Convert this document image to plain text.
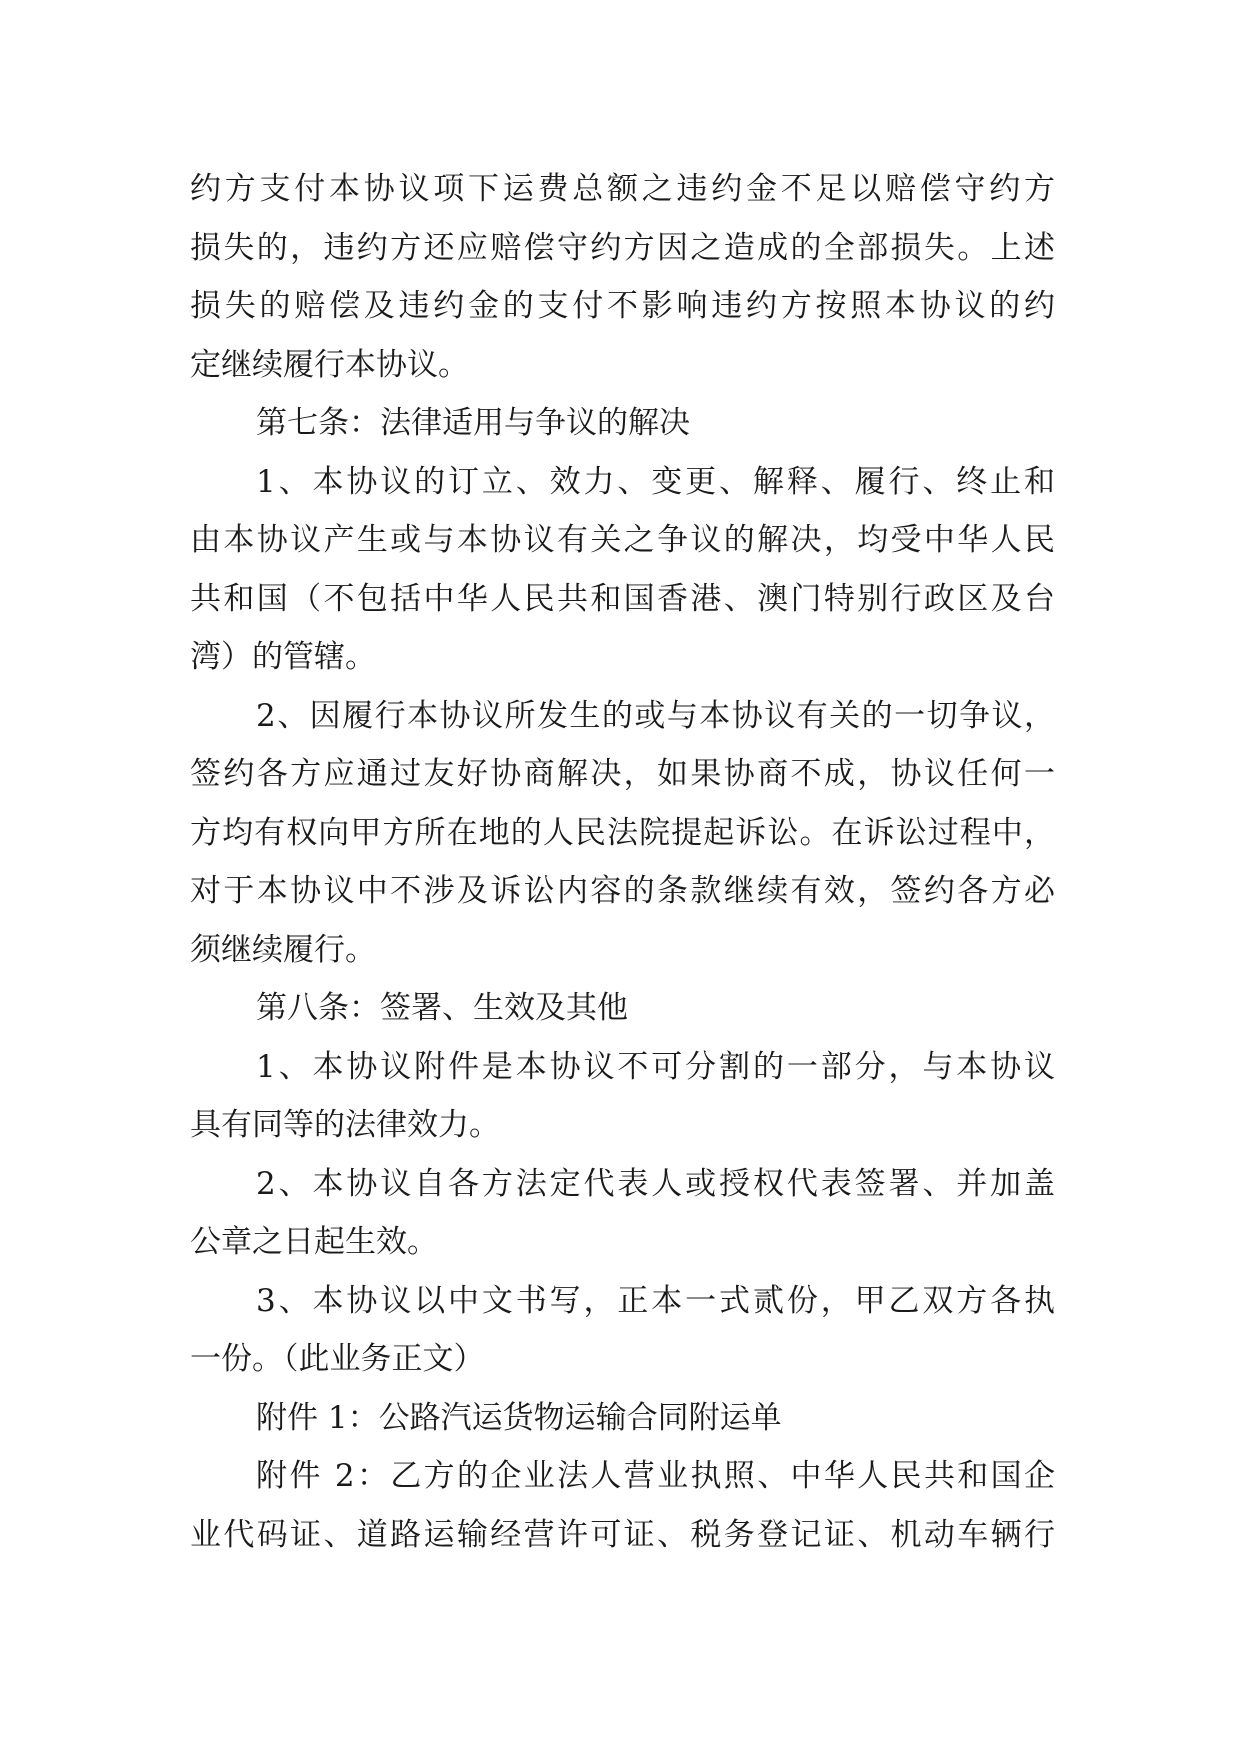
约方支付本协议项下运费总额之违约金不足以赔偿守约方
损失的，违约方还应赔偿守约方因之造成的全部损失。上述
损失的赔偿及违约金的支付不影响违约方按照本协议的约
定继续履行本协议。
第七条：法律适用与争议的解决
1、本协议的订立、效力、变更、解释、履行、终止和
由本协议产生或与本协议有关之争议的解决，均受中华人民
共和国（不包括中华人民共和国香港、澳门特别行政区及台
湾）的管辖。
2、因履行本协议所发生的或与本协议有关的一切争议，
签约各方应通过友好协商解决，如果协商不成，协议任何一
方均有权向甲方所在地的人民法院提起诉讼。在诉讼过程中，
对于本协议中不涉及诉讼内容的条款继续有效，签约各方必
须继续履行。
第八条：签署、生效及其他
1、本协议附件是本协议不可分割的一部分，与本协议
具有同等的法律效力。
2、本协议自各方法定代表人或授权代表签署、并加盖
公章之日起生效。
3、本协议以中文书写，正本一式贰份，甲乙双方各执
一份。（此业务正文）
附件 1：公路汽运货物运输合同附运单
附件 2：乙方的企业法人营业执照、中华人民共和国企
业代码证、道路运输经营许可证、税务登记证、机动车辆行
